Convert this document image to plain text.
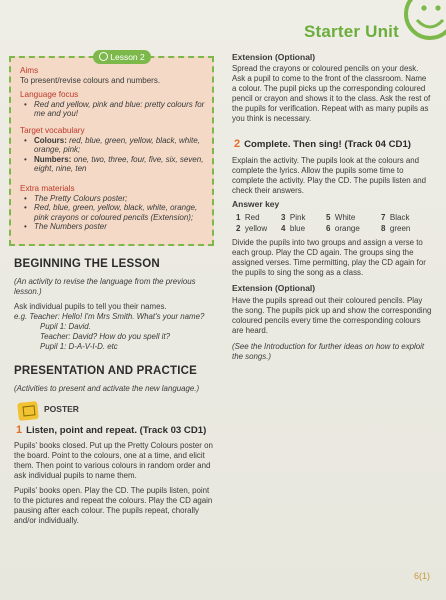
Starter Unit
Lesson 2
Aims

To present/revise colours and numbers.

Language focus
• Red and yellow, pink and blue: pretty colours for me and you!
Target vocabulary
• Colours: red, blue, green, yellow, black, white, orange, pink;
• Numbers: one, two, three, four, five, six, seven, eight, nine, ten
Extra materials
• The Pretty Colours poster;
• Red, blue, green, yellow, black, white, orange, pink crayons or coloured pencils (Extension);
• The Numbers poster
BEGINNING THE LESSON
(An activity to revise the language from the previous lesson.)
Ask individual pupils to tell you their names.
e.g. Teacher: Hello! I'm Mrs Smith. What's your name?
Pupil 1: David.
Teacher: David? How do you spell it?
Pupil 1: D-A-V-I-D. etc
PRESENTATION AND PRACTICE
(Activities to present and activate the new language.)
POSTER
1 Listen, point and repeat. (Track 03 CD1)
Pupils' books closed. Put up the Pretty Colours poster on the board. Point to the colours, one at a time, and elicit them. Then point to various colours in random order and ask individual pupils to name them.
Pupils' books open. Play the CD. The pupils listen, point to the pictures and repeat the colours. Play the CD again pausing after each colour. The pupils repeat, chorally and/or individually.
Extension (Optional)
Spread the crayons or coloured pencils on your desk. Ask a pupil to come to the front of the classroom. Name a colour. The pupil picks up the corresponding coloured pencil or crayon and shows it to the class. Ask the rest of the pupils for verification. Repeat with as many pupils as you think is necessary.
2 Complete. Then sing! (Track 04 CD1)
Explain the activity. The pupils look at the colours and complete the lyrics. Allow the pupils some time to complete the activity. Play the CD. The pupils listen and check their answers.
Answer key
1 Red	3 Pink	5 White	7 Black
2 yellow 4 blue	6 orange	8 green
Divide the pupils into two groups and assign a verse to each group. Play the CD again. The groups sing the assigned verses. Time permitting, play the CD again for the pupils to sing the song as a class.
Extension (Optional)
Have the pupils spread out their coloured pencils. Play the song. The pupils pick up and show the corresponding coloured pencils every time the corresponding colours are heard.
(See the Introduction for further ideas on how to exploit the songs.)
6(1)
